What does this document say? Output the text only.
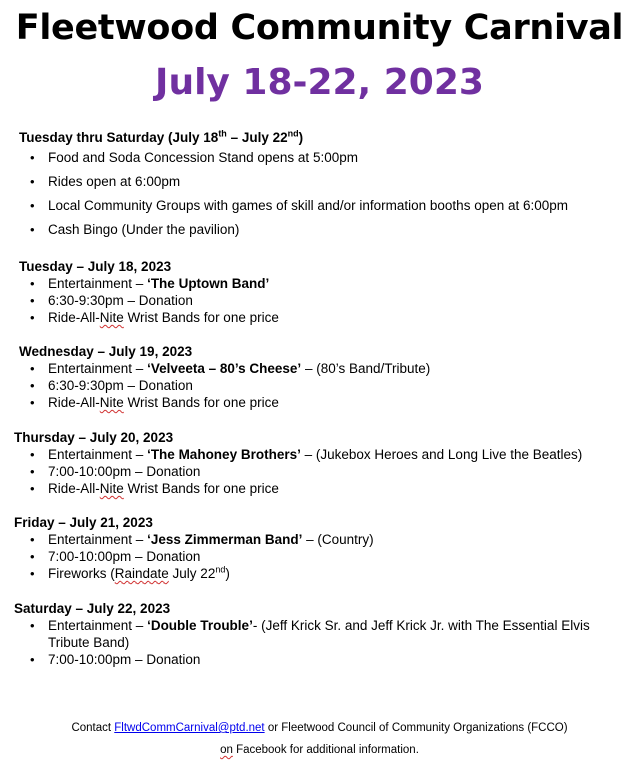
Fleetwood Community Carnival
July 18-22, 2023
Tuesday thru Saturday (July 18th – July 22nd)
• Food and Soda Concession Stand opens at 5:00pm
• Rides open at 6:00pm
• Local Community Groups with games of skill and/or information booths open at 6:00pm
• Cash Bingo (Under the pavilion)
Tuesday – July 18, 2023
• Entertainment – ‘The Uptown Band’
• 6:30-9:30pm – Donation
• Ride-All-Nite Wrist Bands for one price
Wednesday – July 19, 2023
• Entertainment – ‘Velveeta – 80’s Cheese’ – (80’s Band/Tribute)
• 6:30-9:30pm – Donation
• Ride-All-Nite Wrist Bands for one price
Thursday – July 20, 2023
• Entertainment – ‘The Mahoney Brothers’ – (Jukebox Heroes and Long Live the Beatles)
• 7:00-10:00pm – Donation
• Ride-All-Nite Wrist Bands for one price
Friday – July 21, 2023
• Entertainment – ‘Jess Zimmerman Band’ – (Country)
• 7:00-10:00pm – Donation
• Fireworks (Raindate July 22nd)
Saturday – July 22, 2023
• Entertainment – ‘Double Trouble’- (Jeff Krick Sr. and Jeff Krick Jr. with The Essential Elvis Tribute Band)
• 7:00-10:00pm – Donation
Contact FltwdCommCarnival@ptd.net or Fleetwood Council of Community Organizations (FCCO)
on Facebook for additional information.
